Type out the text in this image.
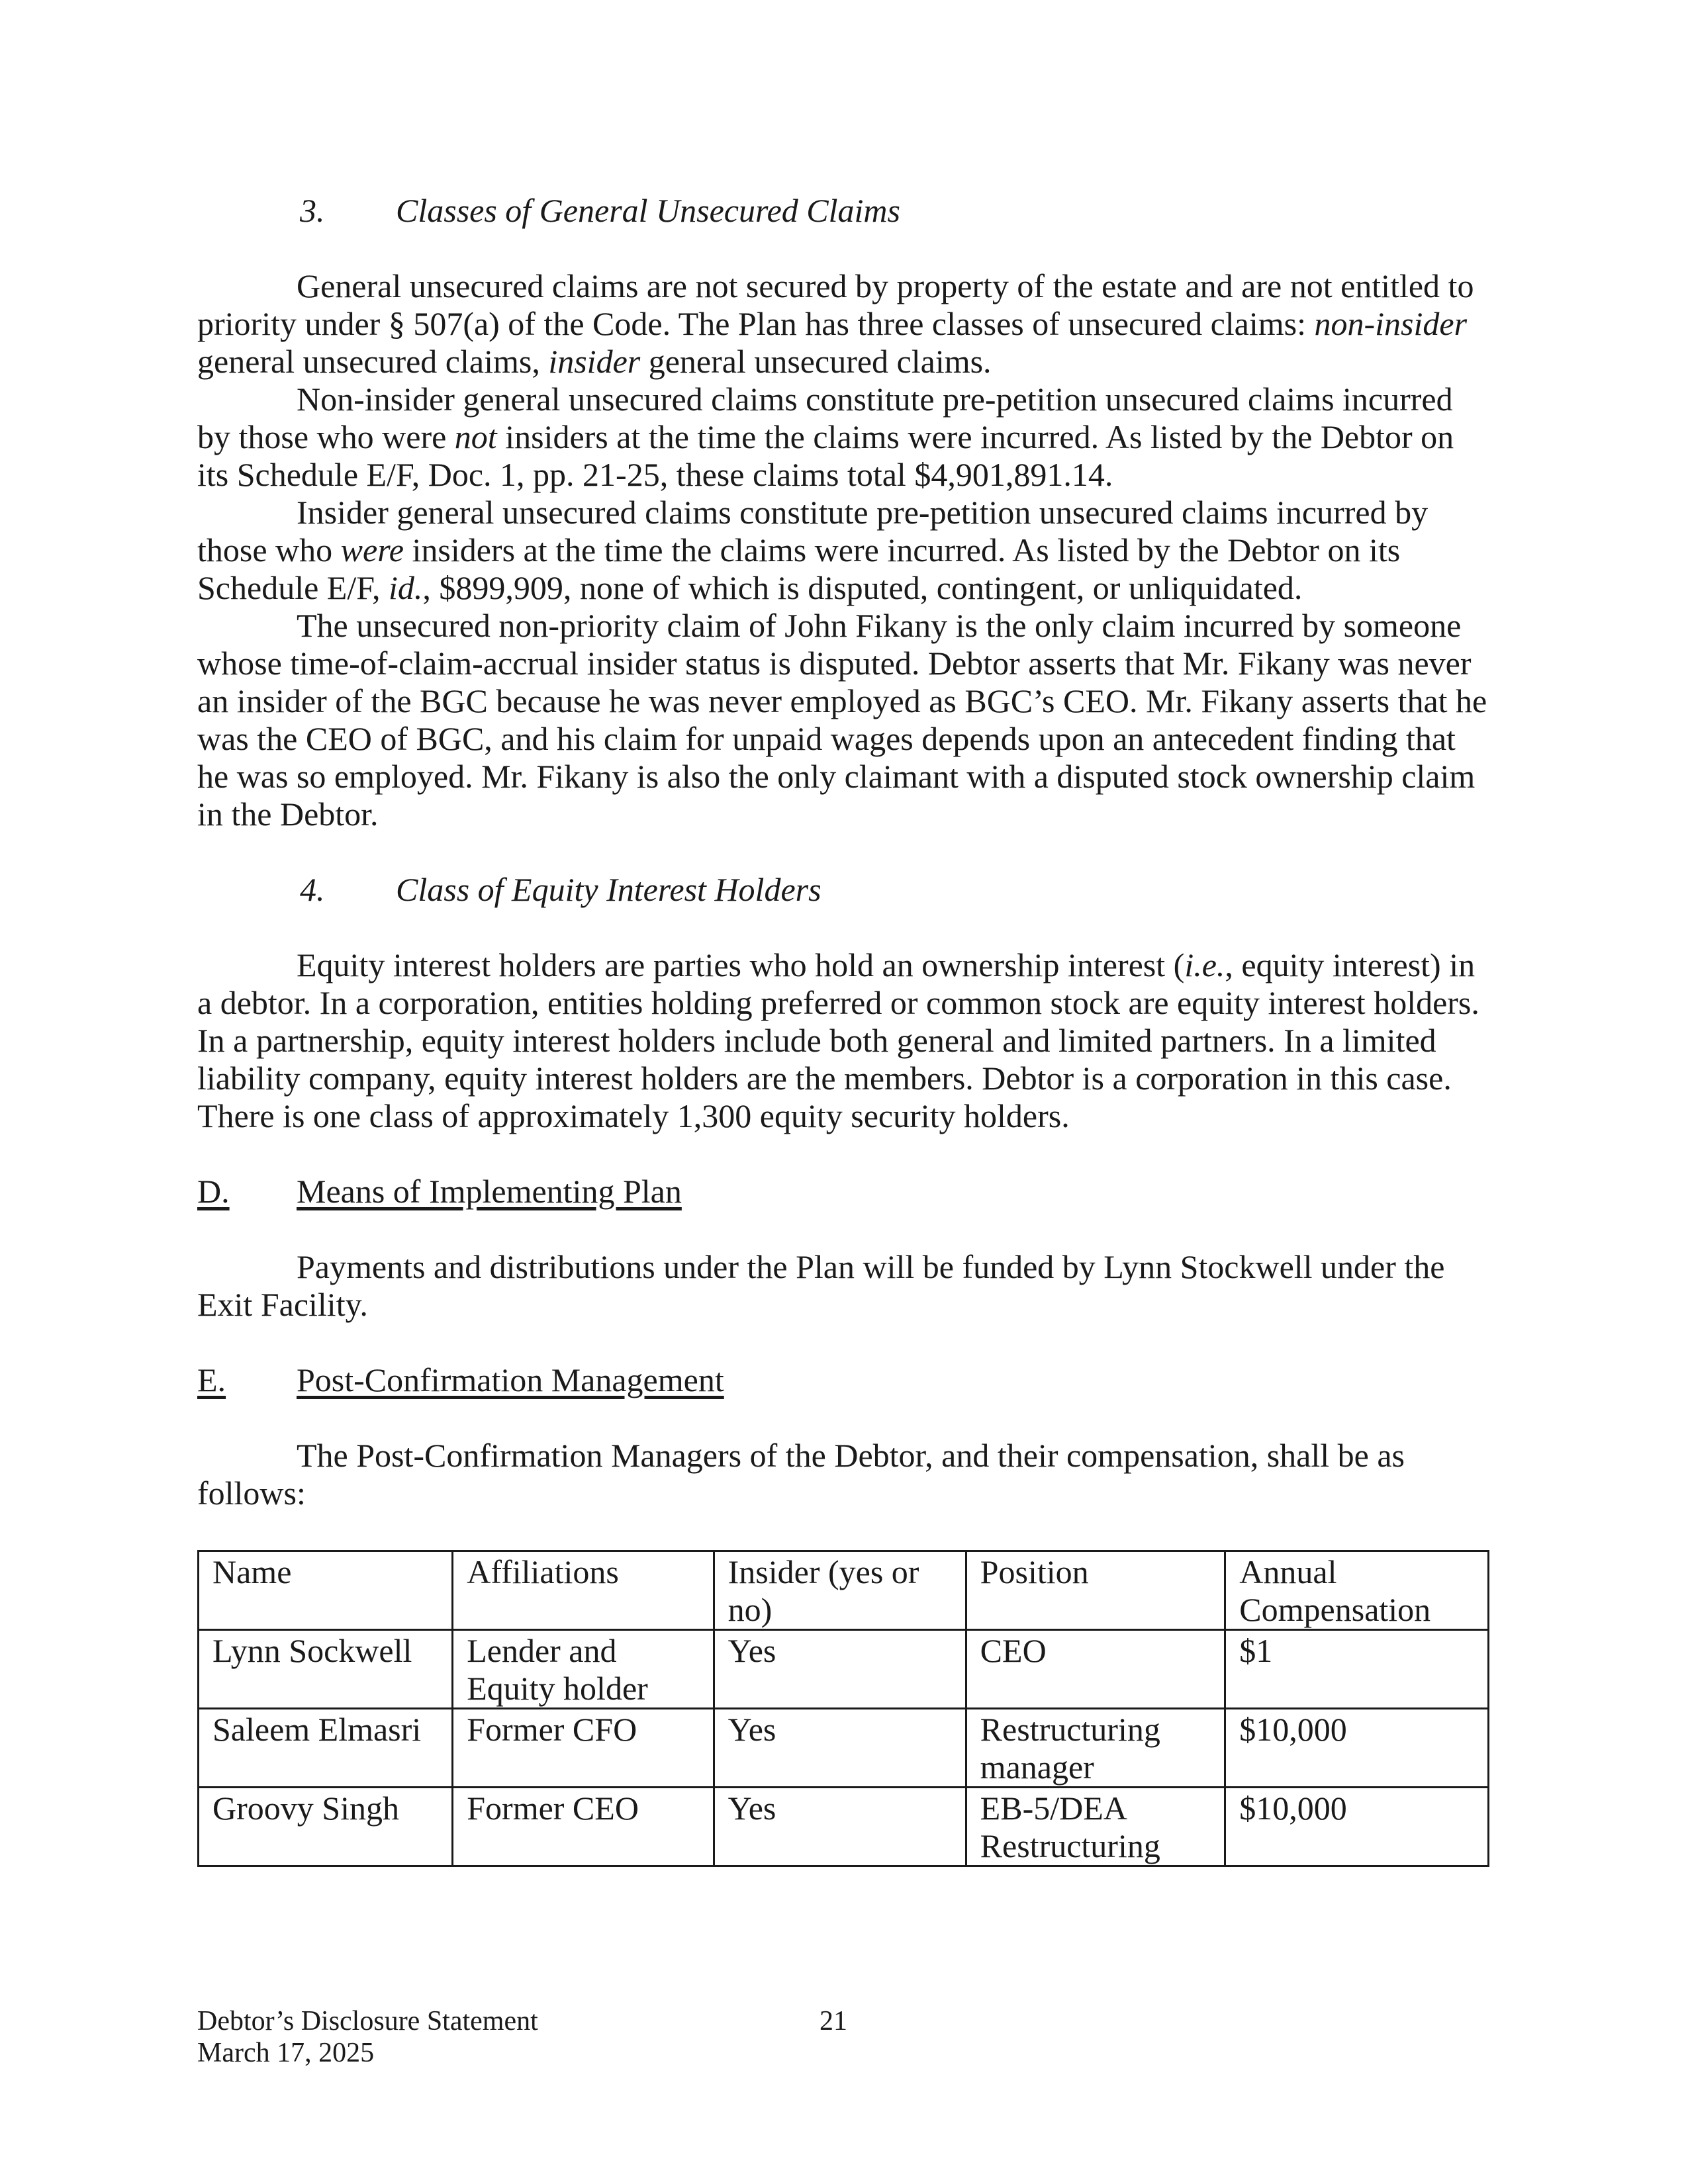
3. Classes of General Unsecured Claims

General unsecured claims are not secured by property of the estate and are not entitled to priority under § 507(a) of the Code. The Plan has three classes of unsecured claims: non-insider general unsecured claims, insider general unsecured claims.

Non-insider general unsecured claims constitute pre-petition unsecured claims incurred by those who were not insiders at the time the claims were incurred. As listed by the Debtor on its Schedule E/F, Doc. 1, pp. 21-25, these claims total $4,901,891.14.

Insider general unsecured claims constitute pre-petition unsecured claims incurred by those who were insiders at the time the claims were incurred. As listed by the Debtor on its Schedule E/F, id., $899,909, none of which is disputed, contingent, or unliquidated.

The unsecured non-priority claim of John Fikany is the only claim incurred by someone whose time-of-claim-accrual insider status is disputed. Debtor asserts that Mr. Fikany was never an insider of the BGC because he was never employed as BGC’s CEO. Mr. Fikany asserts that he was the CEO of BGC, and his claim for unpaid wages depends upon an antecedent finding that he was so employed. Mr. Fikany is also the only claimant with a disputed stock ownership claim in the Debtor.

4. Class of Equity Interest Holders

Equity interest holders are parties who hold an ownership interest (i.e., equity interest) in a debtor. In a corporation, entities holding preferred or common stock are equity interest holders. In a partnership, equity interest holders include both general and limited partners. In a limited liability company, equity interest holders are the members. Debtor is a corporation in this case. There is one class of approximately 1,300 equity security holders.

D. Means of Implementing Plan

Payments and distributions under the Plan will be funded by Lynn Stockwell under the Exit Facility.

E. Post-Confirmation Management

The Post-Confirmation Managers of the Debtor, and their compensation, shall be as follows:

Name	Affiliations	Insider (yes or no)	Position	Annual Compensation
Lynn Sockwell	Lender and Equity holder	Yes	CEO	$1
Saleem Elmasri	Former CFO	Yes	Restructuring manager	$10,000
Groovy Singh	Former CEO	Yes	EB-5/DEA Restructuring	$10,000
Debtor’s Disclosure Statement
March 17, 2025
21
